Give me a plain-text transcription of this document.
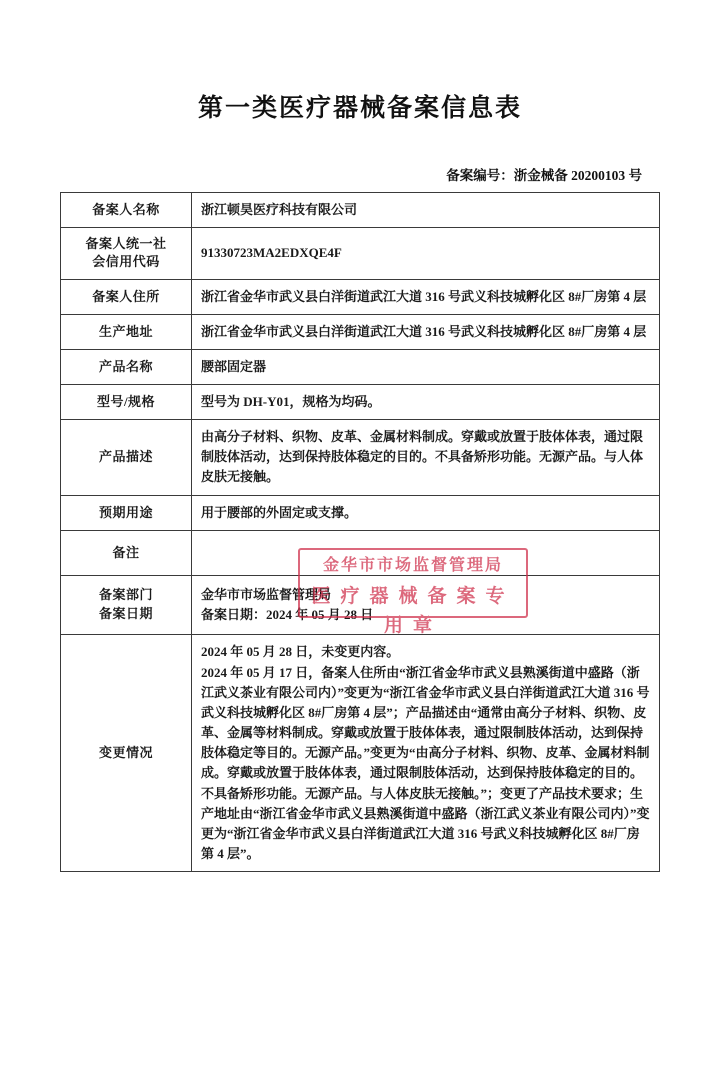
第一类医疗器械备案信息表
备案编号：浙金械备 20200103 号
备案人名称	浙江顿昊医疗科技有限公司

备案人统一社
会信用代码	91330723MA2EDXQE4F
备案人住所	浙江省金华市武义县白洋街道武江大道 316 号武义科技城孵化区 8#厂房第 4 层
生产地址	浙江省金华市武义县白洋街道武江大道 316 号武义科技城孵化区 8#厂房第 4 层
产品名称	腰部固定器
型号/规格	型号为 DH-Y01，规格为均码。
产品描述	由高分子材料、织物、皮革、金属材料制成。穿戴或放置于肢体体表，通过限制肢体活动，达到保持肢体稳定的目的。不具备矫形功能。无源产品。与人体皮肤无接触。
预期用途	用于腰部的外固定或支撑。
备注	

备案部门
备案日期

金华市市场监督管理局
备案日期：2024 年 05 月 28 日
金华市市场监督管理局
医疗器械备案专用章

变更情况	2024 年 05 月 28 日，未变更内容。

2024 年 05 月 17 日，备案人住所由“浙江省金华市武义县熟溪街道中盛路（浙江武义茶业有限公司内）”变更为“浙江省金华市武义县白洋街道武江大道 316 号武义科技城孵化区 8#厂房第 4 层”；产品描述由“通常由高分子材料、织物、皮革、金属等材料制成。穿戴或放置于肢体体表，通过限制肢体活动，达到保持肢体稳定等目的。无源产品。”变更为“由高分子材料、织物、皮革、金属材料制成。穿戴或放置于肢体体表，通过限制肢体活动，达到保持肢体稳定的目的。不具备矫形功能。无源产品。与人体皮肤无接触。”；变更了产品技术要求；生产地址由“浙江省金华市武义县熟溪街道中盛路（浙江武义茶业有限公司内）”变更为“浙江省金华市武义县白洋街道武江大道 316 号武义科技城孵化区 8#厂房第 4 层”。
